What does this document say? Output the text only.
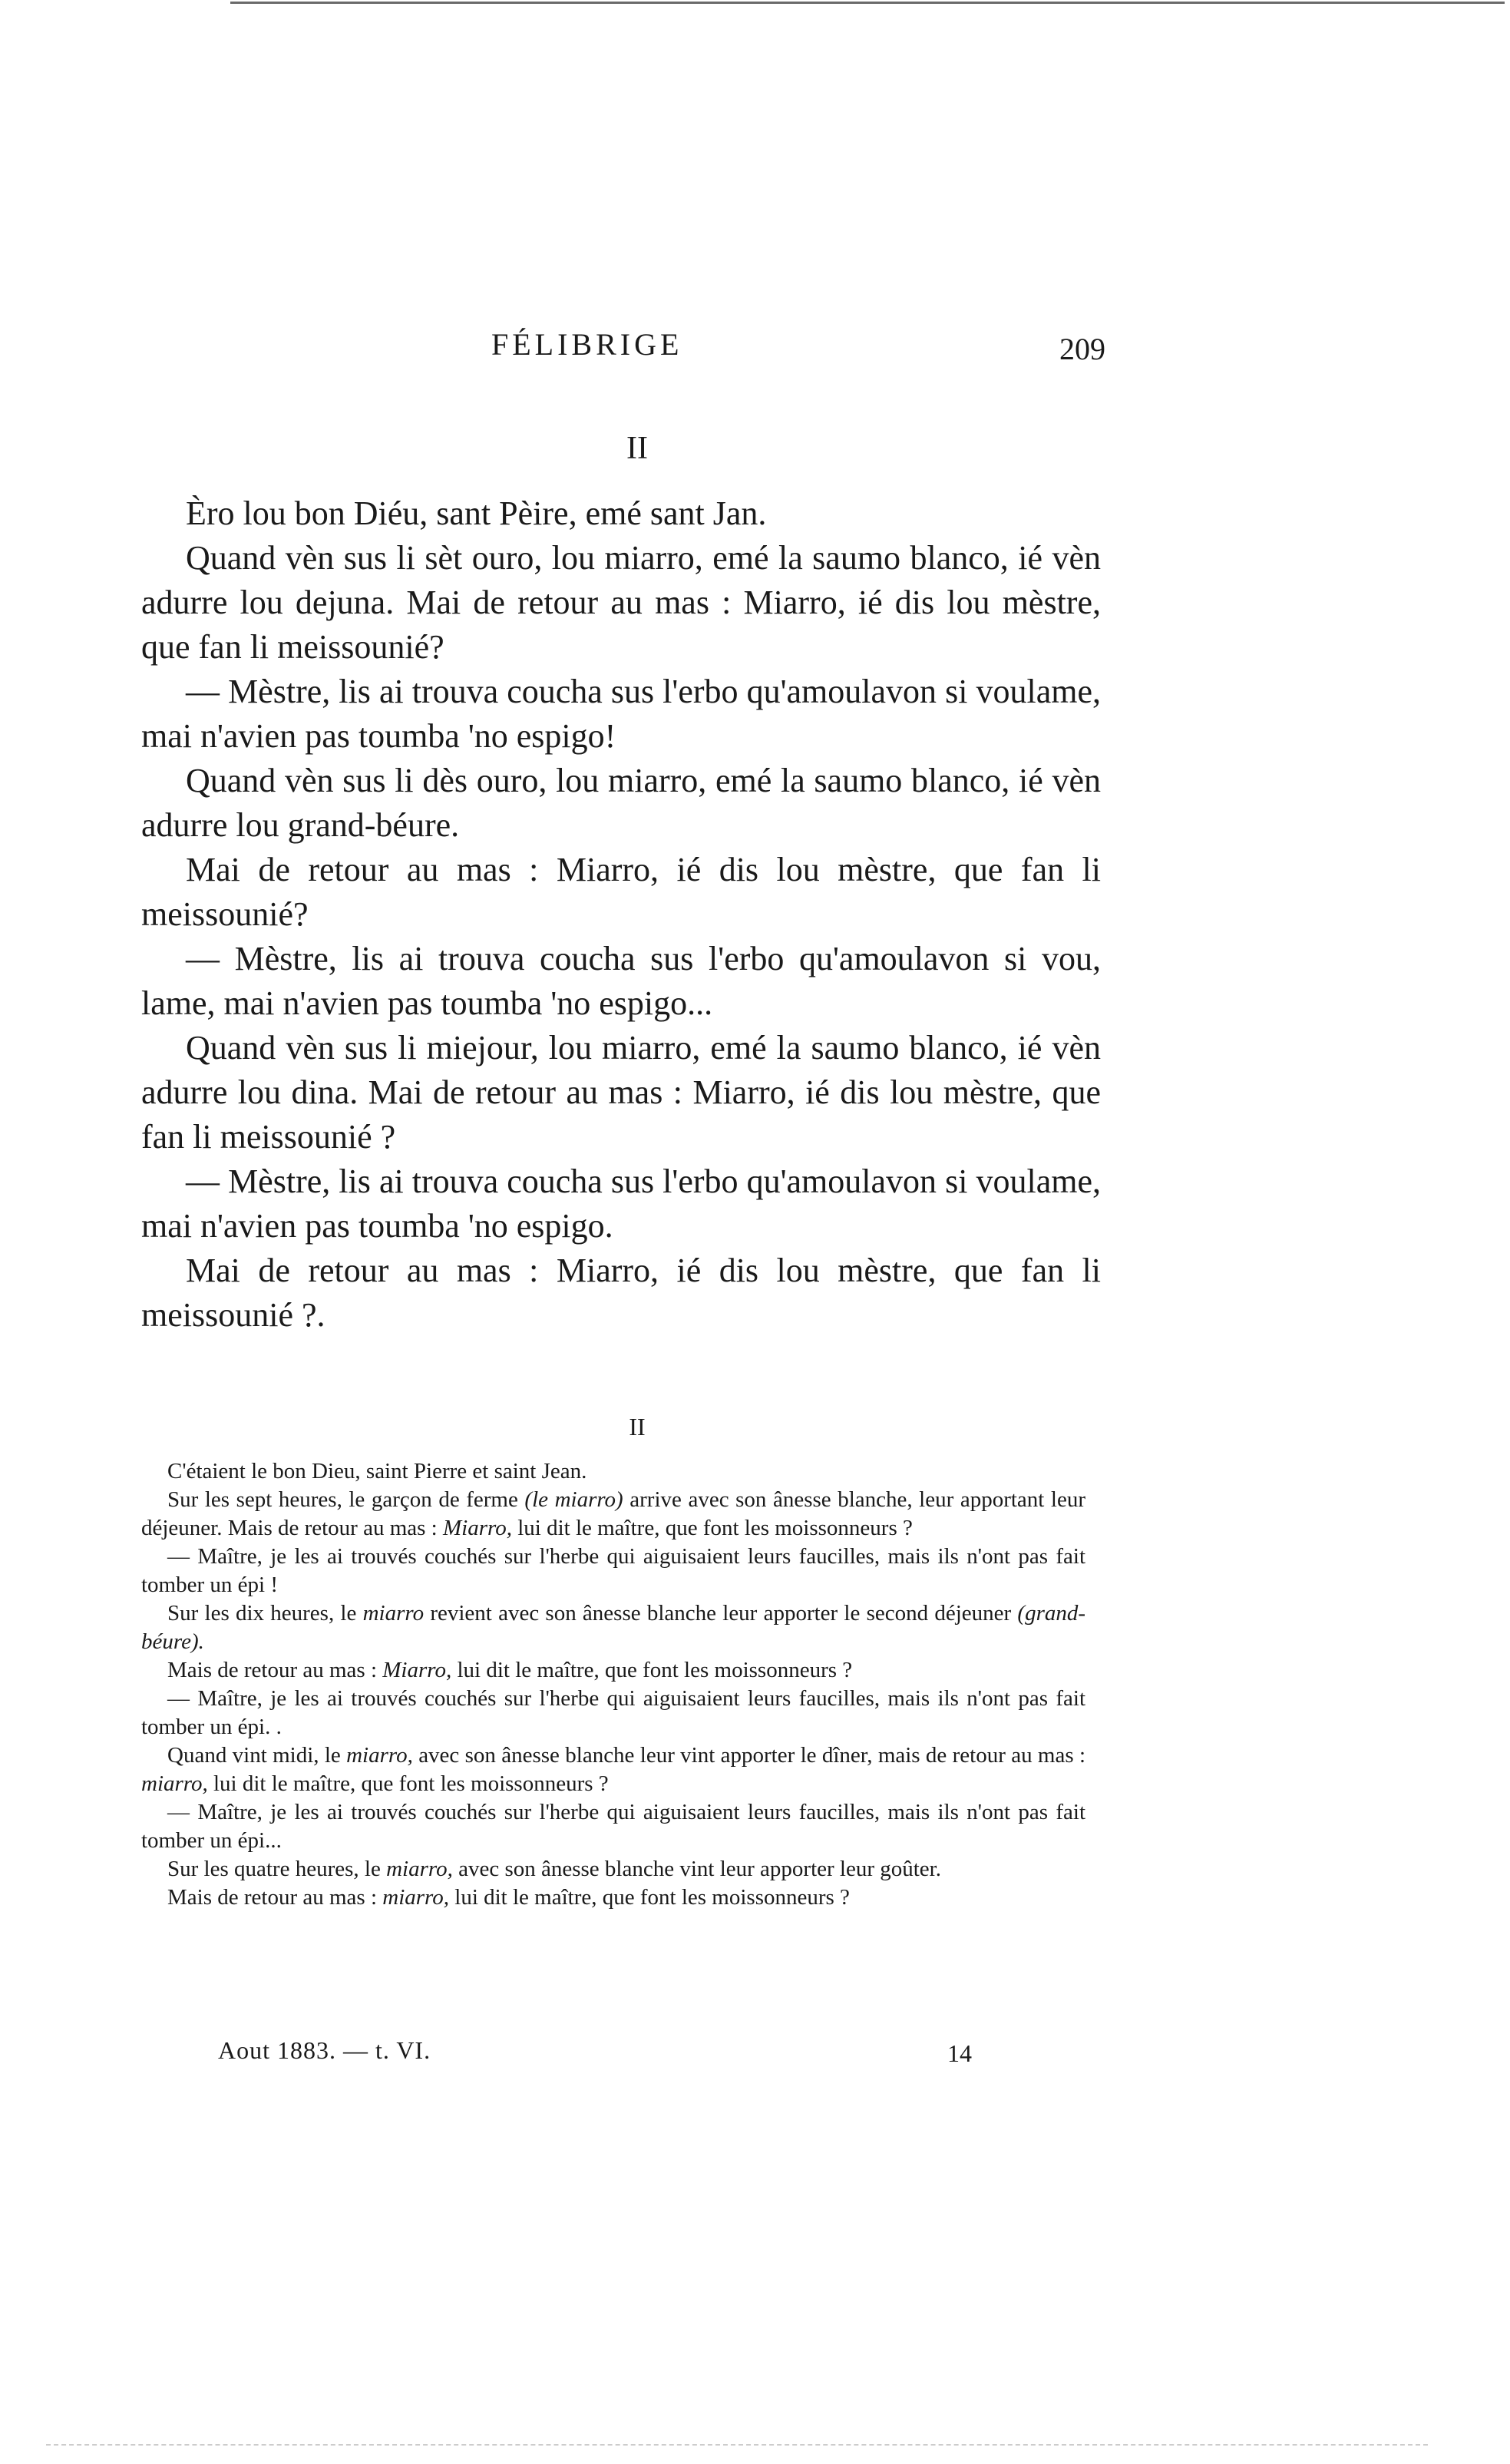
FÉLIBRIGE	209
II

Èro lou bon Diéu, sant Pèire, emé sant Jan.

Quand vèn sus li sèt ouro, lou miarro, emé la saumo blanco, ié vèn adurre lou dejuna. Mai de retour au mas : Miarro, ié dis lou mèstre, que fan li meissounié?

— Mèstre, lis ai trouva coucha sus l'erbo qu'amoulavon si voulame, mai n'avien pas toumba 'no espigo!

Quand vèn sus li dès ouro, lou miarro, emé la saumo blanco, ié vèn adurre lou grand-béure.

Mai de retour au mas : Miarro, ié dis lou mèstre, que fan li meissounié?

— Mèstre, lis ai trouva coucha sus l'erbo qu'amoulavon si vou, lame, mai n'avien pas toumba 'no espigo...

Quand vèn sus li miejour, lou miarro, emé la saumo blanco, ié vèn adurre lou dina. Mai de retour au mas : Miarro, ié dis lou mèstre, que fan li meissounié ?

— Mèstre, lis ai trouva coucha sus l'erbo qu'amoulavon si voulame, mai n'avien pas toumba 'no espigo.

Mai de retour au mas : Miarro, ié dis lou mèstre, que fan li meissounié ?.

II

C'étaient le bon Dieu, saint Pierre et saint Jean.

Sur les sept heures, le garçon de ferme (le miarro) arrive avec son ânesse blanche, leur apportant leur déjeuner. Mais de retour au mas : Miarro, lui dit le maître, que font les moissonneurs ?

— Maître, je les ai trouvés couchés sur l'herbe qui aiguisaient leurs faucilles, mais ils n'ont pas fait tomber un épi !

Sur les dix heures, le miarro revient avec son ânesse blanche leur apporter le second déjeuner (grand-béure).

Mais de retour au mas : Miarro, lui dit le maître, que font les moissonneurs ?

— Maître, je les ai trouvés couchés sur l'herbe qui aiguisaient leurs faucilles, mais ils n'ont pas fait tomber un épi. .

Quand vint midi, le miarro, avec son ânesse blanche leur vint apporter le dîner, mais de retour au mas : miarro, lui dit le maître, que font les moissonneurs ?

— Maître, je les ai trouvés couchés sur l'herbe qui aiguisaient leurs faucilles, mais ils n'ont pas fait tomber un épi...

Sur les quatre heures, le miarro, avec son ânesse blanche vint leur apporter leur goûter.

Mais de retour au mas : miarro, lui dit le maître, que font les moissonneurs ?

Aout 1883. — t. VI.	14
